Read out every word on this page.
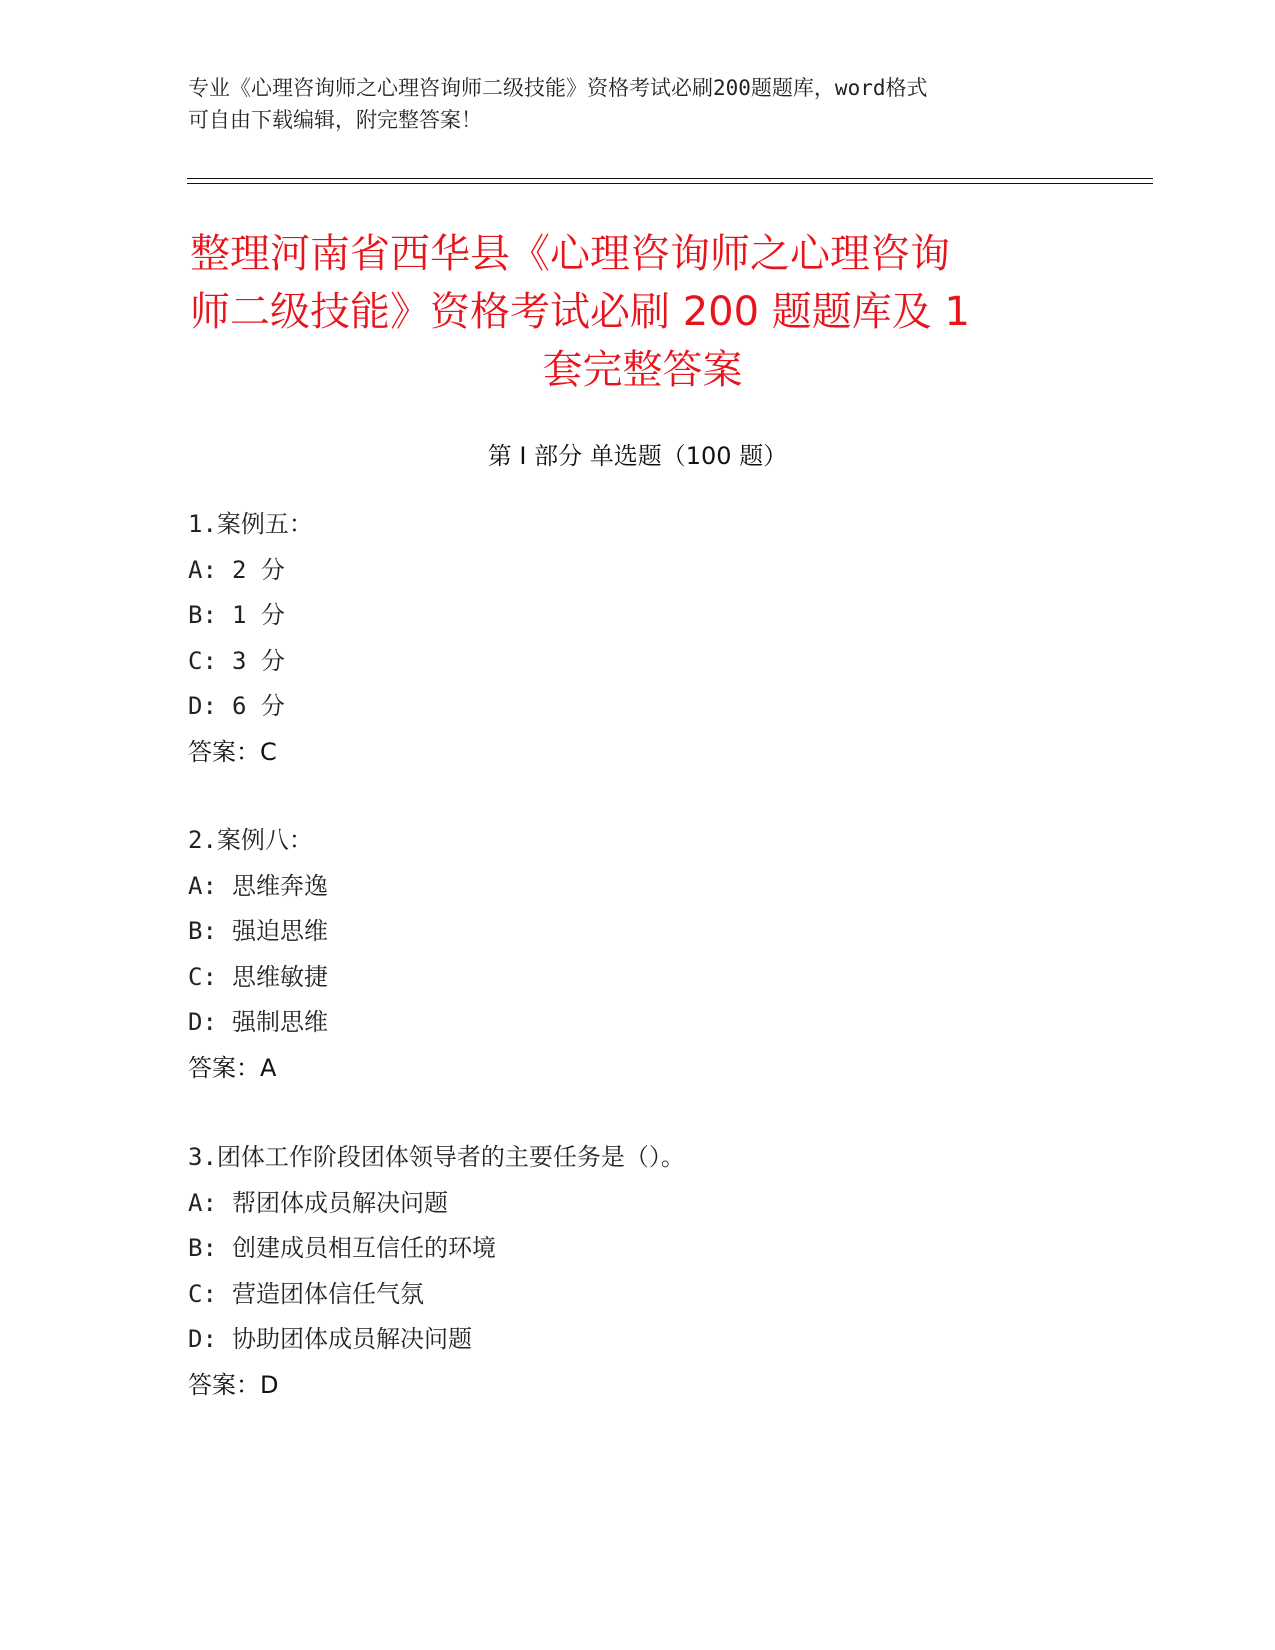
专业《心理咨询师之心理咨询师二级技能》资格考试必刷200题题库，word格式
可自由下载编辑，附完整答案！
整理河南省西华县《心理咨询师之心理咨询
师二级技能》资格考试必刷 200 题题库及 1
套完整答案
第 I 部分 单选题（100 题）
1.案例五：
A: 2 分
B: 1 分
C: 3 分
D: 6 分
答案：C
2.案例八：
A: 思维奔逸
B: 强迫思维
C: 思维敏捷
D: 强制思维
答案：A
3.团体工作阶段团体领导者的主要任务是（）。
A: 帮团体成员解决问题
B: 创建成员相互信任的环境
C: 营造团体信任气氛
D: 协助团体成员解决问题
答案：D
